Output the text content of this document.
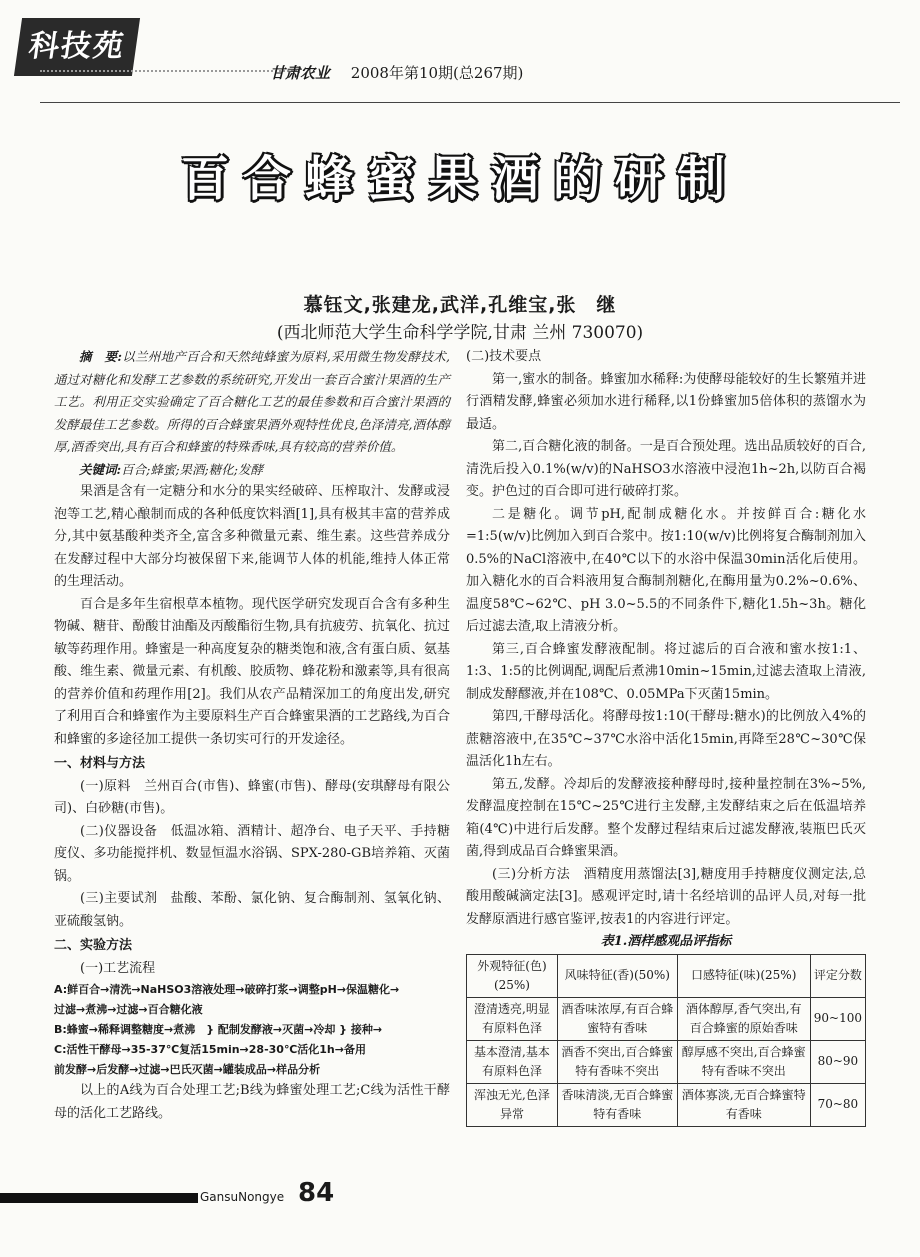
科技苑
甘肃农业 2008年第10期(总267期)
百合蜂蜜果酒的研制
慕钰文,张建龙,武洋,孔维宝,张　继
(西北师范大学生命科学学院,甘肃 兰州 730070)

摘　要:以兰州地产百合和天然纯蜂蜜为原料,采用微生物发酵技术,通过对糖化和发酵工艺参数的系统研究,开发出一套百合蜜汁果酒的生产工艺。利用正交实验确定了百合糖化工艺的最佳参数和百合蜜汁果酒的发酵最佳工艺参数。所得的百合蜂蜜果酒外观特性优良,色泽清亮,酒体醇厚,酒香突出,具有百合和蜂蜜的特殊香味,具有较高的营养价值。

关键词:百合;蜂蜜;果酒;糖化;发酵

果酒是含有一定糖分和水分的果实经破碎、压榨取汁、发酵或浸泡等工艺,精心酿制而成的各种低度饮料酒[1],具有极其丰富的营养成分,其中氨基酸种类齐全,富含多种微量元素、维生素。这些营养成分在发酵过程中大部分均被保留下来,能调节人体的机能,维持人体正常的生理活动。

百合是多年生宿根草本植物。现代医学研究发现百合含有多种生物碱、糖苷、酚酸甘油酯及丙酸酯衍生物,具有抗疲劳、抗氧化、抗过敏等药理作用。蜂蜜是一种高度复杂的糖类饱和液,含有蛋白质、氨基酸、维生素、微量元素、有机酸、胶质物、蜂花粉和激素等,具有很高的营养价值和药理作用[2]。我们从农产品精深加工的角度出发,研究了利用百合和蜂蜜作为主要原料生产百合蜂蜜果酒的工艺路线,为百合和蜂蜜的多途径加工提供一条切实可行的开发途径。

一、材料与方法

(一)原料　兰州百合(市售)、蜂蜜(市售)、酵母(安琪酵母有限公司)、白砂糖(市售)。

(二)仪器设备　低温冰箱、酒精计、超净台、电子天平、手持糖度仪、多功能搅拌机、数显恒温水浴锅、SPX-280-GB培养箱、灭菌锅。

(三)主要试剂　盐酸、苯酚、氯化钠、复合酶制剂、氢氧化钠、亚硫酸氢钠。

二、实验方法

(一)工艺流程

A:鲜百合→清洗→NaHSO3溶液处理→破碎打浆→调整pH→保温糖化→
过滤→煮沸→过滤→百合糖化液
B:蜂蜜→稀释调整糖度→煮沸　} 配制发酵液→灭菌→冷却 } 接种→
C:活性干酵母→35-37℃复活15min→28-30℃活化1h→备用
前发酵→后发酵→过滤→巴氏灭菌→罐装成品→样品分析

以上的A线为百合处理工艺;B线为蜂蜜处理工艺;C线为活性干酵母的活化工艺路线。

(二)技术要点

第一,蜜水的制备。蜂蜜加水稀释:为使酵母能较好的生长繁殖并进行酒精发酵,蜂蜜必须加水进行稀释,以1份蜂蜜加5倍体积的蒸馏水为最适。

第二,百合糖化液的制备。一是百合预处理。选出品质较好的百合,清洗后投入0.1%(w/v)的NaHSO3水溶液中浸泡1h~2h,以防百合褐变。护色过的百合即可进行破碎打浆。

二是糖化。调节pH,配制成糖化水。并按鲜百合:糖化水=1:5(w/v)比例加入到百合浆中。按1:10(w/v)比例将复合酶制剂加入0.5%的NaCl溶液中,在40℃以下的水浴中保温30min活化后使用。加入糖化水的百合料液用复合酶制剂糖化,在酶用量为0.2%~0.6%、温度58℃~62℃、pH 3.0~5.5的不同条件下,糖化1.5h~3h。糖化后过滤去渣,取上清液分析。

第三,百合蜂蜜发酵液配制。将过滤后的百合液和蜜水按1:1、1:3、1:5的比例调配,调配后煮沸10min~15min,过滤去渣取上清液,制成发酵醪液,并在108℃、0.05MPa下灭菌15min。

第四,干酵母活化。将酵母按1:10(干酵母:糖水)的比例放入4%的蔗糖溶液中,在35℃~37℃水浴中活化15min,再降至28℃~30℃保温活化1h左右。

第五,发酵。冷却后的发酵液接种酵母时,接种量控制在3%~5%,发酵温度控制在15℃~25℃进行主发酵,主发酵结束之后在低温培养箱(4℃)中进行后发酵。整个发酵过程结束后过滤发酵液,装瓶巴氏灭菌,得到成品百合蜂蜜果酒。

(三)分析方法　酒精度用蒸馏法[3],糖度用手持糖度仪测定法,总酸用酸碱滴定法[3]。感观评定时,请十名经培训的品评人员,对每一批发酵原酒进行感官鉴评,按表1的内容进行评定。

表1.酒样感观品评指标
外观特征(色)(25%)	风味特征(香)(50%)	口感特征(味)(25%)	评定分数
澄清透亮,明显有原料色泽	酒香味浓厚,有百合蜂蜜特有香味	酒体醇厚,香气突出,有百合蜂蜜的原始香味	90~100
基本澄清,基本有原料色泽	酒香不突出,百合蜂蜜特有香味不突出	醇厚感不突出,百合蜂蜜特有香味不突出	80~90
浑浊无光,色泽异常	香味清淡,无百合蜂蜜特有香味	酒体寡淡,无百合蜂蜜特有香味	70~80
GansuNongye 84
